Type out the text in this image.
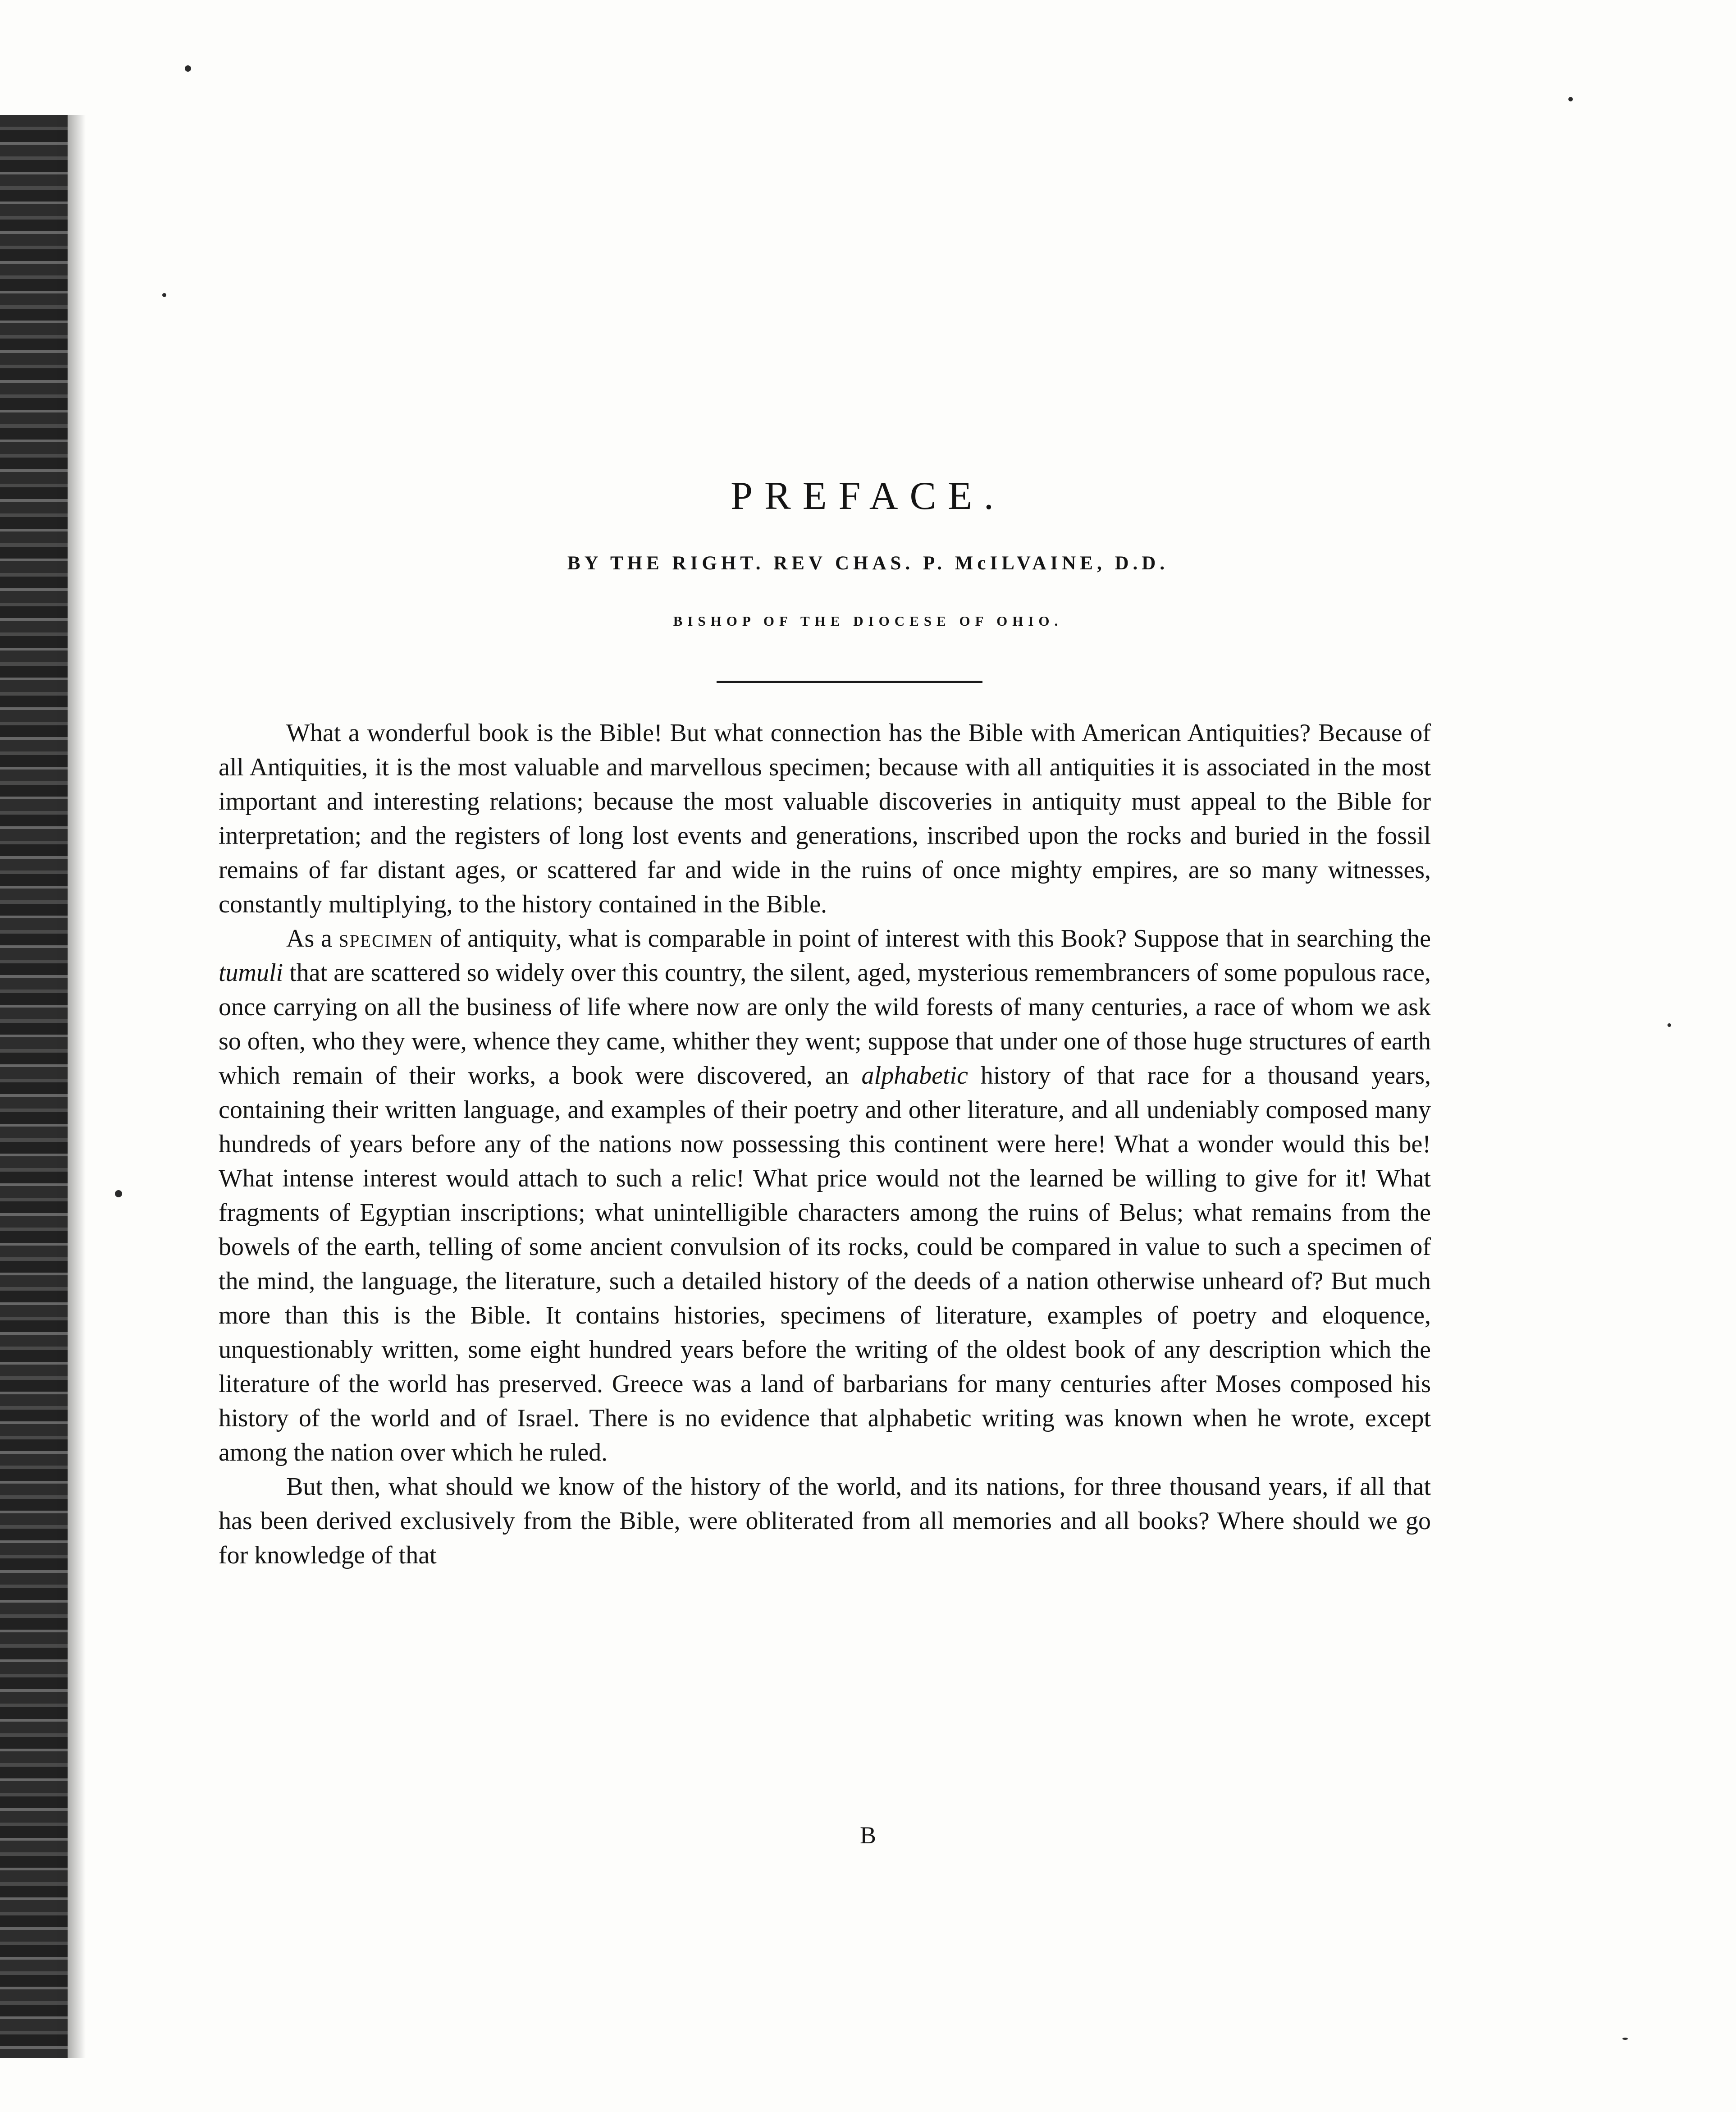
PREFACE.
BY THE RIGHT. REV CHAS. P. McILVAINE, D.D.
BISHOP OF THE DIOCESE OF OHIO.

What a wonderful book is the Bible! But what connection has the Bible with American Antiquities? Because of all Antiquities, it is the most valuable and marvellous specimen; because with all antiquities it is associated in the most important and interesting relations; because the most valuable discoveries in antiquity must appeal to the Bible for interpretation; and the registers of long lost events and generations, inscribed upon the rocks and buried in the fossil remains of far distant ages, or scattered far and wide in the ruins of once mighty empires, are so many witnesses, constantly multiplying, to the history contained in the Bible.

As a specimen of antiquity, what is comparable in point of interest with this Book? Suppose that in searching the tumuli that are scattered so widely over this country, the silent, aged, mysterious remembrancers of some populous race, once carrying on all the business of life where now are only the wild forests of many centuries, a race of whom we ask so often, who they were, whence they came, whither they went; suppose that under one of those huge structures of earth which remain of their works, a book were discovered, an alphabetic history of that race for a thousand years, containing their written language, and examples of their poetry and other literature, and all undeniably composed many hundreds of years before any of the nations now possessing this continent were here! What a wonder would this be! What intense interest would attach to such a relic! What price would not the learned be willing to give for it! What fragments of Egyptian inscriptions; what unintelligible characters among the ruins of Belus; what remains from the bowels of the earth, telling of some ancient convulsion of its rocks, could be compared in value to such a specimen of the mind, the language, the literature, such a detailed history of the deeds of a nation otherwise unheard of? But much more than this is the Bible. It contains histories, specimens of literature, examples of poetry and eloquence, unquestionably written, some eight hundred years before the writing of the oldest book of any description which the literature of the world has preserved. Greece was a land of barbarians for many centuries after Moses composed his history of the world and of Israel. There is no evidence that alphabetic writing was known when he wrote, except among the nation over which he ruled.

But then, what should we know of the history of the world, and its nations, for three thousand years, if all that has been derived exclusively from the Bible, were obliterated from all memories and all books? Where should we go for knowledge of that

B
